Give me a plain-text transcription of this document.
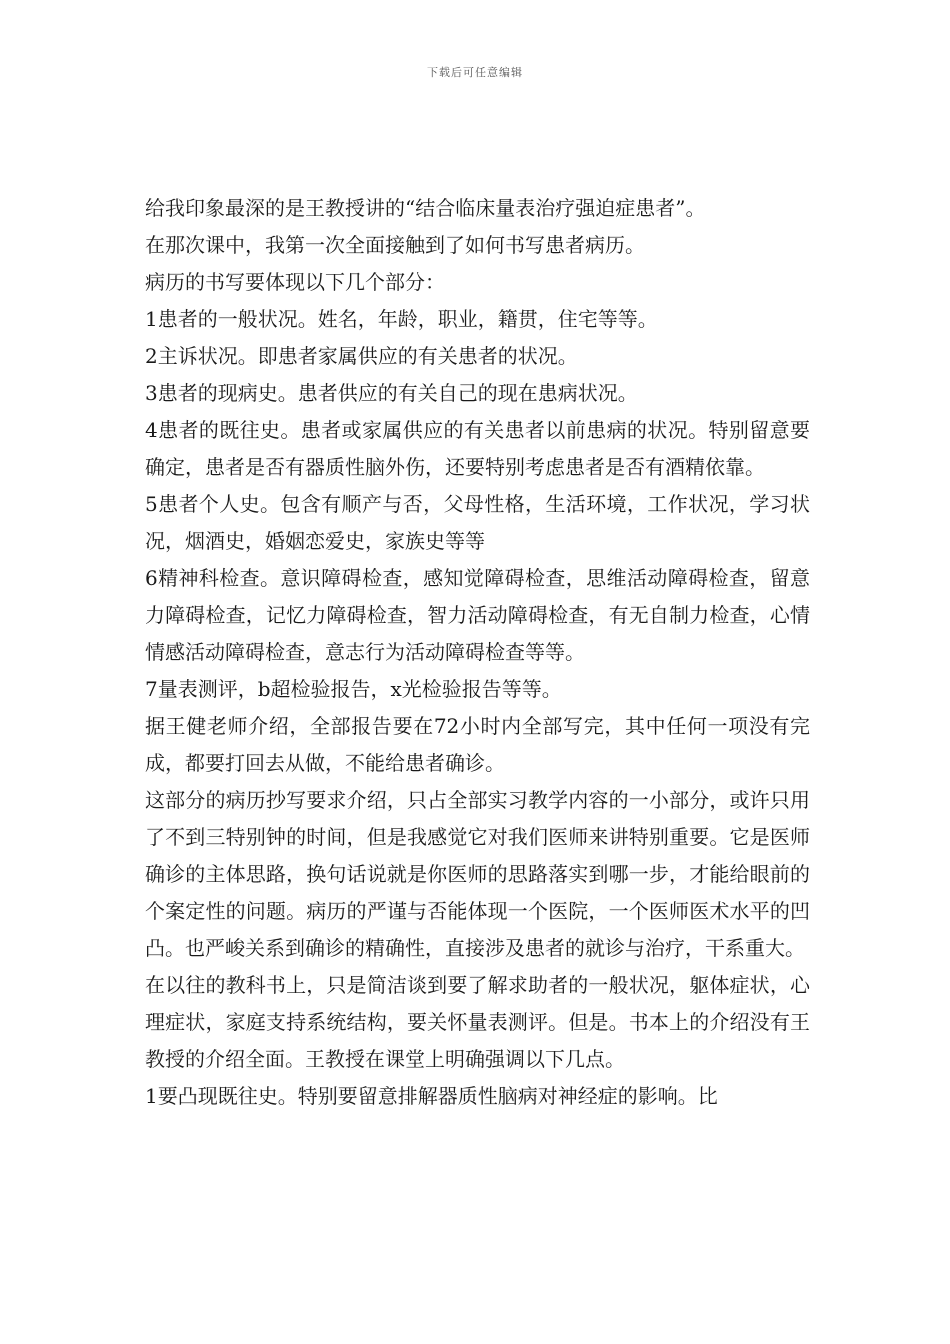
下载后可任意编辑

给我印象最深的是王教授讲的“结合临床量表治疗强迫症患者”。

在那次课中，我第一次全面接触到了如何书写患者病历。

病历的书写要体现以下几个部分：

1患者的一般状况。姓名，年龄，职业，籍贯，住宅等等。

2主诉状况。即患者家属供应的有关患者的状况。

3患者的现病史。患者供应的有关自己的现在患病状况。

4患者的既往史。患者或家属供应的有关患者以前患病的状况。特别留意要确定，患者是否有器质性脑外伤，还要特别考虑患者是否有酒精依靠。

5患者个人史。包含有顺产与否，父母性格，生活环境，工作状况，学习状况，烟酒史，婚姻恋爱史，家族史等等

6精神科检查。意识障碍检查，感知觉障碍检查，思维活动障碍检查，留意力障碍检查，记忆力障碍检查，智力活动障碍检查，有无自制力检查，心情情感活动障碍检查，意志行为活动障碍检查等等。

7量表测评，b超检验报告，x光检验报告等等。

据王健老师介绍，全部报告要在72小时内全部写完，其中任何一项没有完成，都要打回去从做，不能给患者确诊。

这部分的病历抄写要求介绍，只占全部实习教学内容的一小部分，或许只用了不到三特别钟的时间，但是我感觉它对我们医师来讲特别重要。它是医师确诊的主体思路，换句话说就是你医师的思路落实到哪一步，才能给眼前的个案定性的问题。病历的严谨与否能体现一个医院，一个医师医术水平的凹凸。也严峻关系到确诊的精确性，直接涉及患者的就诊与治疗，干系重大。

在以往的教科书上，只是简洁谈到要了解求助者的一般状况，躯体症状，心理症状，家庭支持系统结构，要关怀量表测评。但是。书本上的介绍没有王教授的介绍全面。王教授在课堂上明确强调以下几点。

1要凸现既往史。特别要留意排解器质性脑病对神经症的影响。比
